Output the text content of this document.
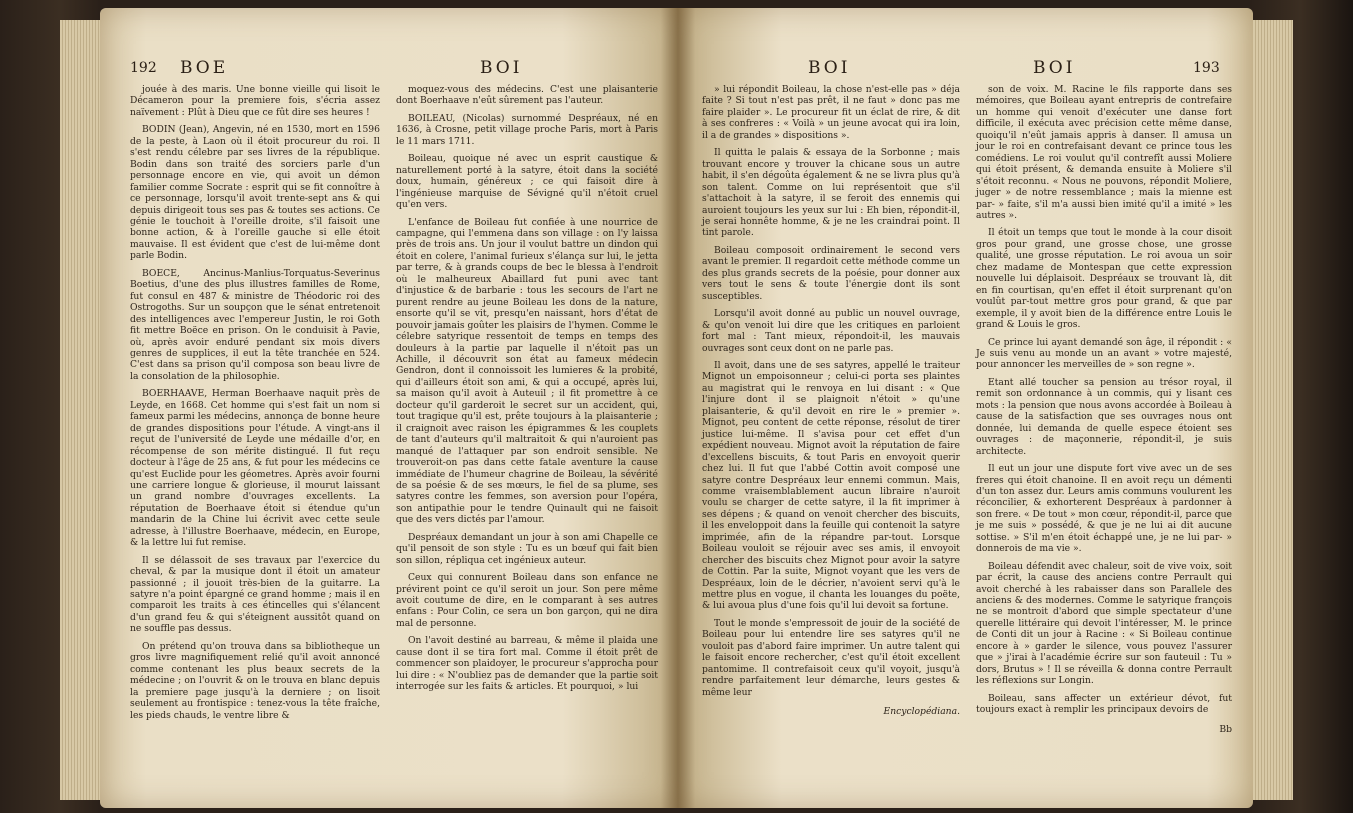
192 BOE	BOI

jouée à des maris. Une bonne vieille qui lisoit le Décameron pour la premiere fois, s'écria assez naïvement : Plût à Dieu que ce fût dire ses heures !

BODIN (Jean), Angevin, né en 1530, mort en 1596 de la peste, à Laon où il étoit procureur du roi. Il s'est rendu célebre par ses livres de la république. Bodin dans son traité des sorciers parle d'un personnage encore en vie, qui avoit un démon familier comme Socrate : esprit qui se fit connoître à ce personnage, lorsqu'il avoit trente-sept ans & qui depuis dirigeoit tous ses pas & toutes ses actions. Ce génie le touchoit à l'oreille droite, s'il faisoit une bonne action, & à l'oreille gauche si elle étoit mauvaise. Il est évident que c'est de lui-même dont parle Bodin.

BOECE, Ancinus-Manlius-Torquatus-Severinus Boetius, d'une des plus illustres familles de Rome, fut consul en 487 & ministre de Théodoric roi des Ostrogoths. Sur un soupçon que le sénat entretenoit des intelligences avec l'empereur Justin, le roi Goth fit mettre Boëce en prison. On le conduisit à Pavie, où, après avoir enduré pendant six mois divers genres de supplices, il eut la tête tranchée en 524. C'est dans sa prison qu'il composa son beau livre de la consolation de la philosophie.

BOERHAAVE, Herman Boerhaave naquit près de Leyde, en 1668. Cet homme qui s'est fait un nom si fameux parmi les médecins, annonça de bonne heure de grandes dispositions pour l'étude. A vingt-ans il reçut de l'université de Leyde une médaille d'or, en récompense de son mérite distingué. Il fut reçu docteur à l'âge de 25 ans, & fut pour les médecins ce qu'est Euclide pour les géometres. Après avoir fourni une carriere longue & glorieuse, il mourut laissant un grand nombre d'ouvrages excellents. La réputation de Boerhaave étoit si étendue qu'un mandarin de la Chine lui écrivit avec cette seule adresse, à l'illustre Boerhaave, médecin, en Europe, & la lettre lui fut remise.

Il se délassoit de ses travaux par l'exercice du cheval, & par la musique dont il étoit un amateur passionné ; il jouoit très-bien de la guitarre. La satyre n'a point épargné ce grand homme ; mais il en comparoit les traits à ces étincelles qui s'élancent d'un grand feu & qui s'éteignent aussitôt quand on ne souffle pas dessus.

On prétend qu'on trouva dans sa bibliotheque un gros livre magnifiquement relié qu'il avoit annoncé comme contenant les plus beaux secrets de la médecine ; on l'ouvrit & on le trouva en blanc depuis la premiere page jusqu'à la derniere ; on lisoit seulement au frontispice : tenez-vous la tête fraîche, les pieds chauds, le ventre libre &

moquez-vous des médecins. C'est une plaisanterie dont Boerhaave n'eût sûrement pas l'auteur.

BOILEAU, (Nicolas) surnommé Despréaux, né en 1636, à Crosne, petit village proche Paris, mort à Paris le 11 mars 1711.

Boileau, quoique né avec un esprit caustique & naturellement porté à la satyre, étoit dans la société doux, humain, généreux ; ce qui faisoit dire à l'ingénieuse marquise de Sévigné qu'il n'étoit cruel qu'en vers.

L'enfance de Boileau fut confiée à une nourrice de campagne, qui l'emmena dans son village : on l'y laissa près de trois ans. Un jour il voulut battre un dindon qui étoit en colere, l'animal furieux s'élança sur lui, le jetta par terre, & à grands coups de bec le blessa à l'endroit où le malheureux Abaillard fut puni avec tant d'injustice & de barbarie : tous les secours de l'art ne purent rendre au jeune Boileau les dons de la nature, ensorte qu'il se vit, presqu'en naissant, hors d'état de pouvoir jamais goûter les plaisirs de l'hymen. Comme le célebre satyrique ressentoit de temps en temps des douleurs à la partie par laquelle il n'étoit pas un Achille, il découvrit son état au fameux médecin Gendron, dont il connoissoit les lumieres & la probité, qui d'ailleurs étoit son ami, & qui a occupé, après lui, sa maison qu'il avoit à Auteuil ; il fit promettre à ce docteur qu'il garderoit le secret sur un accident, qui, tout tragique qu'il est, prête toujours à la plaisanterie ; il craignoit avec raison les épigrammes & les couplets de tant d'auteurs qu'il maltraitoit & qui n'auroient pas manqué de l'attaquer par son endroit sensible. Ne trouveroit-on pas dans cette fatale aventure la cause immédiate de l'humeur chagrine de Boileau, la sévérité de sa poésie & de ses mœurs, le fiel de sa plume, ses satyres contre les femmes, son aversion pour l'opéra, son antipathie pour le tendre Quinault qui ne faisoit que des vers dictés par l'amour.

Despréaux demandant un jour à son ami Chapelle ce qu'il pensoit de son style : Tu es un bœuf qui fait bien son sillon, répliqua cet ingénieux auteur.

Ceux qui connurent Boileau dans son enfance ne prévirent point ce qu'il seroit un jour. Son pere même avoit coutume de dire, en le comparant à ses autres enfans : Pour Colin, ce sera un bon garçon, qui ne dira mal de personne.

On l'avoit destiné au barreau, & même il plaida une cause dont il se tira fort mal. Comme il étoit prêt de commencer son plaidoyer, le procureur s'approcha pour lui dire : « N'oubliez pas de demander que la partie soit interrogée sur les faits & articles. Et pourquoi, » lui

BOI	BOI	193

» lui répondit Boileau, la chose n'est-elle pas » déja faite ? Si tout n'est pas prêt, il ne faut » donc pas me faire plaider ». Le procureur fit un éclat de rire, & dit à ses confreres : « Voilà » un jeune avocat qui ira loin, il a de grandes » dispositions ».

Il quitta le palais & essaya de la Sorbonne ; mais trouvant encore y trouver la chicane sous un autre habit, il s'en dégoûta également & ne se livra plus qu'à son talent. Comme on lui représentoit que s'il s'attachoit à la satyre, il se feroit des ennemis qui auroient toujours les yeux sur lui : Eh bien, répondit-il, je serai honnête homme, & je ne les craindrai point. Il tint parole.

Boileau composoit ordinairement le second vers avant le premier. Il regardoit cette méthode comme un des plus grands secrets de la poésie, pour donner aux vers tout le sens & toute l'énergie dont ils sont susceptibles.

Lorsqu'il avoit donné au public un nouvel ouvrage, & qu'on venoit lui dire que les critiques en parloient fort mal : Tant mieux, répondoit-il, les mauvais ouvrages sont ceux dont on ne parle pas.

Il avoit, dans une de ses satyres, appellé le traiteur Mignot un empoisonneur ; celui-ci porta ses plaintes au magistrat qui le renvoya en lui disant : « Que l'injure dont il se plaignoit n'étoit » qu'une plaisanterie, & qu'il devoit en rire le » premier ». Mignot, peu content de cette réponse, résolut de tirer justice lui-même. Il s'avisa pour cet effet d'un expédient nouveau. Mignot avoit la réputation de faire d'excellens biscuits, & tout Paris en envoyoit querir chez lui. Il fut que l'abbé Cottin avoit composé une satyre contre Despréaux leur ennemi commun. Mais, comme vraisemblablement aucun libraire n'auroit voulu se charger de cette satyre, il la fit imprimer à ses dépens ; & quand on venoit chercher des biscuits, il les enveloppoit dans la feuille qui contenoit la satyre imprimée, afin de la répandre par-tout. Lorsque Boileau vouloit se réjouir avec ses amis, il envoyoit chercher des biscuits chez Mignot pour avoir la satyre de Cottin. Par la suite, Mignot voyant que les vers de Despréaux, loin de le décrier, n'avoient servi qu'à le mettre plus en vogue, il chanta les louanges du poëte, & lui avoua plus d'une fois qu'il lui devoit sa fortune.

Tout le monde s'empressoit de jouir de la société de Boileau pour lui entendre lire ses satyres qu'il ne vouloit pas d'abord faire imprimer. Un autre talent qui le faisoit encore rechercher, c'est qu'il étoit excellent pantomime. Il contrefaisoit ceux qu'il voyoit, jusqu'à rendre parfaitement leur démarche, leurs gestes & même leur

Encyclopédiana.

son de voix. M. Racine le fils rapporte dans ses mémoires, que Boileau ayant entrepris de contrefaire un homme qui venoit d'exécuter une danse fort difficile, il exécuta avec précision cette même danse, quoiqu'il n'eût jamais appris à danser. Il amusa un jour le roi en contrefaisant devant ce prince tous les comédiens. Le roi voulut qu'il contrefît aussi Moliere qui étoit présent, & demanda ensuite à Moliere s'il s'étoit reconnu. « Nous ne pouvons, répondit Moliere, juger » de notre ressemblance ; mais la mienne est par- » faite, s'il m'a aussi bien imité qu'il a imité » les autres ».

Il étoit un temps que tout le monde à la cour disoit gros pour grand, une grosse chose, une grosse qualité, une grosse réputation. Le roi avoua un soir chez madame de Montespan que cette expression nouvelle lui déplaisoit. Despréaux se trouvant là, dit en fin courtisan, qu'en effet il étoit surprenant qu'on voulût par-tout mettre gros pour grand, & que par exemple, il y avoit bien de la différence entre Louis le grand & Louis le gros.

Ce prince lui ayant demandé son âge, il répondit : « Je suis venu au monde un an avant » votre majesté, pour annoncer les merveilles de » son regne ».

Etant allé toucher sa pension au trésor royal, il remit son ordonnance à un commis, qui y lisant ces mots : la pension que nous avons accordée à Boileau à cause de la satisfaction que ses ouvrages nous ont donnée, lui demanda de quelle espece étoient ses ouvrages : de maçonnerie, répondit-il, je suis architecte.

Il eut un jour une dispute fort vive avec un de ses freres qui étoit chanoine. Il en avoit reçu un démenti d'un ton assez dur. Leurs amis communs voulurent les réconcilier, & exhorterent Despréaux à pardonner à son frere. « De tout » mon cœur, répondit-il, parce que je me suis » possédé, & que je ne lui ai dit aucune sottise. » S'il m'en étoit échappé une, je ne lui par- » donnerois de ma vie ».

Boileau défendit avec chaleur, soit de vive voix, soit par écrit, la cause des anciens contre Perrault qui avoit cherché à les rabaisser dans son Parallele des anciens & des modernes. Comme le satyrique françois ne se montroit d'abord que simple spectateur d'une querelle littéraire qui devoit l'intéresser, M. le prince de Conti dit un jour à Racine : « Si Boileau continue encore à » garder le silence, vous pouvez l'assurer que » j'irai à l'académie écrire sur son fauteuil : Tu » dors, Brutus » ! Il se réveilla & donna contre Perrault les réflexions sur Longin.

Boileau, sans affecter un extérieur dévot, fut toujours exact à remplir les principaux devoirs de

Bb
